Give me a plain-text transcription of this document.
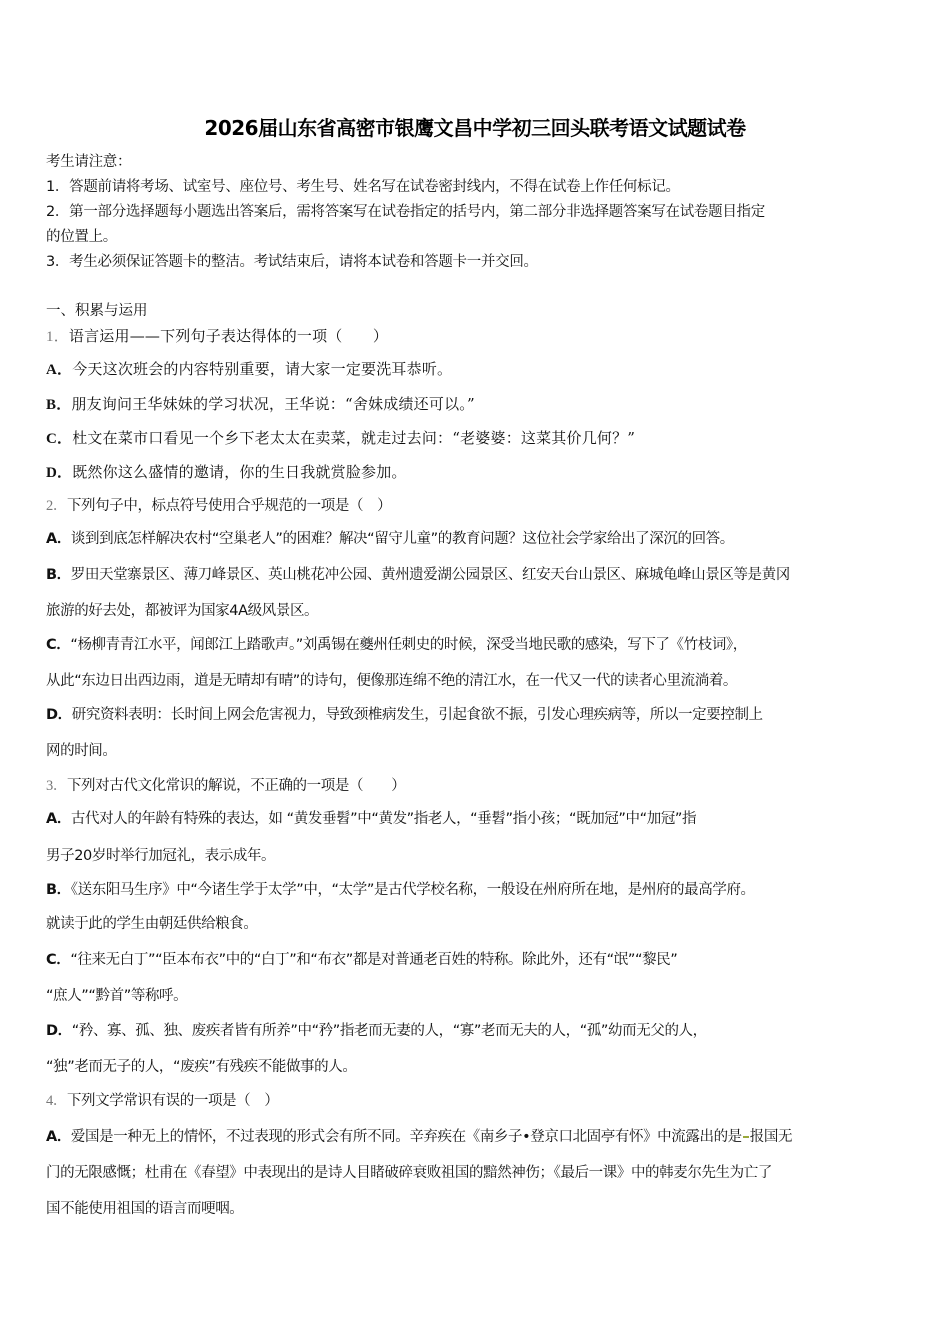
2026届山东省高密市银鹰文昌中学初三回头联考语文试题试卷
考生请注意：
1．答题前请将考场、试室号、座位号、考生号、姓名写在试卷密封线内，不得在试卷上作任何标记。
2．第一部分选择题每小题选出答案后，需将答案写在试卷指定的括号内，第二部分非选择题答案写在试卷题目指定
的位置上。
3．考生必须保证答题卡的整洁。考试结束后，请将本试卷和答题卡一并交回。
一、积累与运用
1．语言运用——下列句子表达得体的一项（　　）
A．今天这次班会的内容特别重要，请大家一定要洗耳恭听。
B．朋友询问王华妹妹的学习状况，王华说：“舍妹成绩还可以。”
C．杜文在菜市口看见一个乡下老太太在卖菜，就走过去问：“老婆婆：这菜其价几何？”
D．既然你这么盛情的邀请，你的生日我就赏脸参加。
2．下列句子中，标点符号使用合乎规范的一项是（　）
A．谈到到底怎样解决农村“空巢老人”的困难？解决“留守儿童”的教育问题？这位社会学家给出了深沉的回答。
B．罗田天堂寨景区、薄刀峰景区、英山桃花冲公园、黄州遗爱湖公园景区、红安天台山景区、麻城龟峰山景区等是黄冈
旅游的好去处，都被评为国家4A级风景区。
C．“杨柳青青江水平，闻郎江上踏歌声。”刘禹锡在夔州任刺史的时候，深受当地民歌的感染，写下了《竹枝词》，
从此“东边日出西边雨，道是无晴却有晴”的诗句，便像那连绵不绝的清江水，在一代又一代的读者心里流淌着。
D．研究资料表明：长时间上网会危害视力，导致颈椎病发生，引起食欲不振，引发心理疾病等，所以一定要控制上
网的时间。
3．下列对古代文化常识的解说，不正确的一项是（　　）
A．古代对人的年龄有特殊的表达，如 “黄发垂髫”中“黄发”指老人，“垂髫”指小孩；“既加冠”中“加冠”指
男子20岁时举行加冠礼，表示成年。
B．《送东阳马生序》中“今诸生学于太学”中，“太学”是古代学校名称，一般设在州府所在地，是州府的最高学府。
就读于此的学生由朝廷供给粮食。
C．“往来无白丁”“臣本布衣”中的“白丁”和“布衣”都是对普通老百姓的特称。除此外，还有“氓”“黎民”
“庶人”“黔首”等称呼。
D．“矜、寡、孤、独、废疾者皆有所养”中“矜”指老而无妻的人，“寡”老而无夫的人，“孤”幼而无父的人，
“独”老而无子的人，“废疾”有残疾不能做事的人。
4．下列文学常识有误的一项是（　）
A．爱国是一种无上的情怀，不过表现的形式会有所不同。辛弃疾在《南乡子•登京口北固亭有怀》中流露出的是 报国无
门的无限感慨；杜甫在《春望》中表现出的是诗人目睹破碎衰败祖国的黯然神伤；《最后一课》中的韩麦尔先生为亡了
国不能使用祖国的语言而哽咽。
